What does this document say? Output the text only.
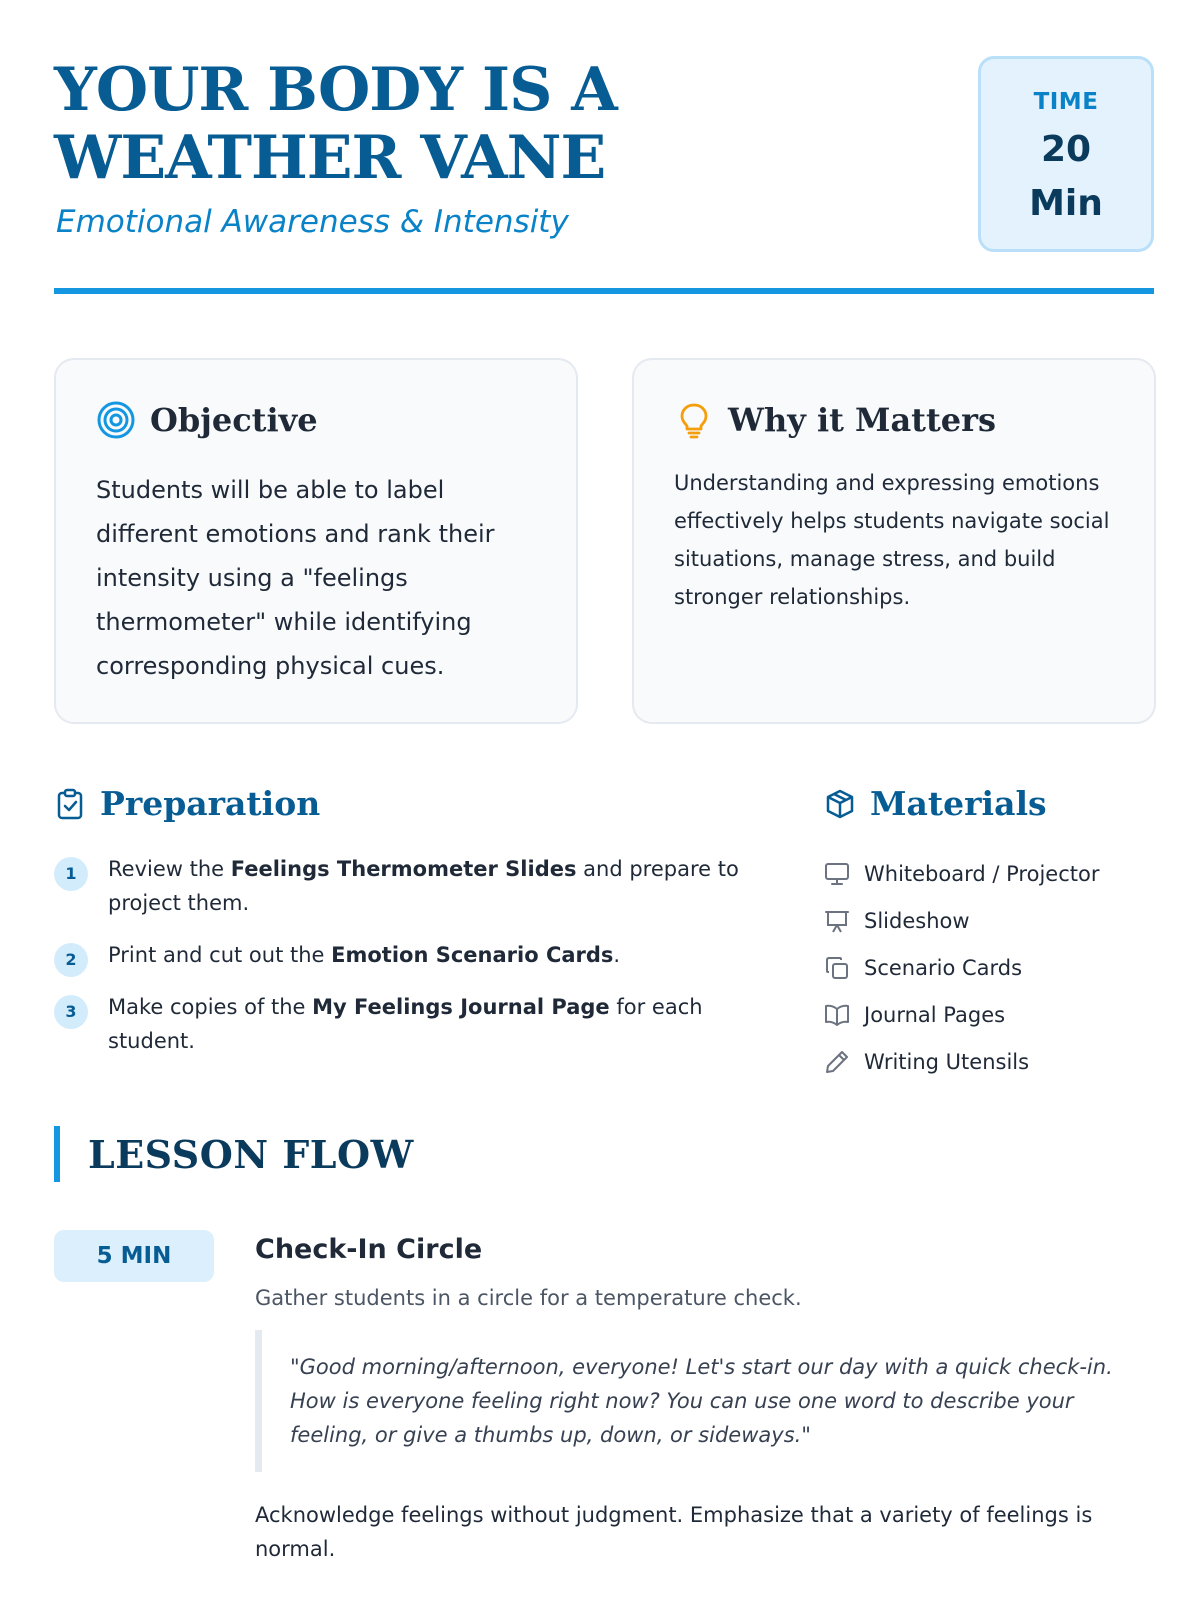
YOUR BODY IS A WEATHER VANE
Emotional Awareness & Intensity
TIME
20
Min
Objective

Students will be able to label different emotions and rank their intensity using a "feelings thermometer" while identifying corresponding physical cues.

Why it Matters

Understanding and expressing emotions effectively helps students navigate social situations, manage stress, and build stronger relationships.

Preparation
1	Review the Feelings Thermometer Slides and prepare to project them.
2	Print and cut out the Emotion Scenario Cards.
3	Make copies of the My Feelings Journal Page for each student.
Materials
Whiteboard / Projector
Slideshow
Scenario Cards
Journal Pages
Writing Utensils
LESSON FLOW
5 MIN	Check-In Circle
Gather students in a circle for a temperature check.
"Good morning/afternoon, everyone! Let's start our day with a quick check-in. How is everyone feeling right now? You can use one word to describe your feeling, or give a thumbs up, down, or sideways."

Acknowledge feelings without judgment. Emphasize that a variety of feelings is normal.
